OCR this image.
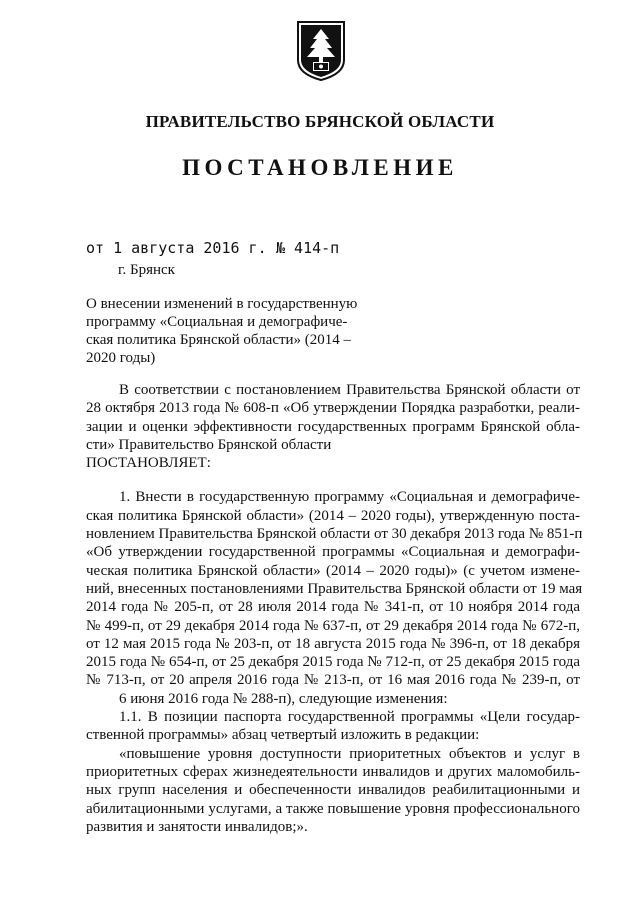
ПРАВИТЕЛЬСТВО БРЯНСКОЙ ОБЛАСТИ
ПОСТАНОВЛЕНИЕ
от 1 августа 2016 г. № 414-п
г. Брянск
О внесении изменений в государственную
программу «Социальная и демографиче-
ская политика Брянской области» (2014 –
2020 годы)
В соответствии с постановлением Правительства Брянской области от
28 октября 2013 года № 608-п «Об утверждении Порядка разработки, реали-
зации и оценки эффективности государственных программ Брянской обла-
сти» Правительство Брянской области
ПОСТАНОВЛЯЕТ:
1. Внести в государственную программу «Социальная и демографиче-
ская политика Брянской области» (2014 – 2020 годы), утвержденную поста-
новлением Правительства Брянской области от 30 декабря 2013 года № 851-п
«Об утверждении государственной программы «Социальная и демографи-
ческая политика Брянской области» (2014 – 2020 годы)» (с учетом измене-
ний, внесенных постановлениями Правительства Брянской области от 19 мая
2014 года № 205-п, от 28 июля 2014 года № 341-п, от 10 ноября 2014 года
№ 499-п, от 29 декабря 2014 года № 637-п, от 29 декабря 2014 года № 672-п,
от 12 мая 2015 года № 203-п, от 18 августа 2015 года № 396-п, от 18 декабря
2015 года № 654-п, от 25 декабря 2015 года № 712-п, от 25 декабря 2015 года
№ 713-п, от 20 апреля 2016 года № 213-п, от 16 мая 2016 года № 239-п, от
6 июня 2016 года № 288-п), следующие изменения:
1.1. В позиции паспорта государственной программы «Цели государ-
ственной программы» абзац четвертый изложить в редакции:
«повышение уровня доступности приоритетных объектов и услуг в
приоритетных сферах жизнедеятельности инвалидов и других маломобиль-
ных групп населения и обеспеченности инвалидов реабилитационными и
абилитационными услугами, а также повышение уровня профессионального
развития и занятости инвалидов;».
